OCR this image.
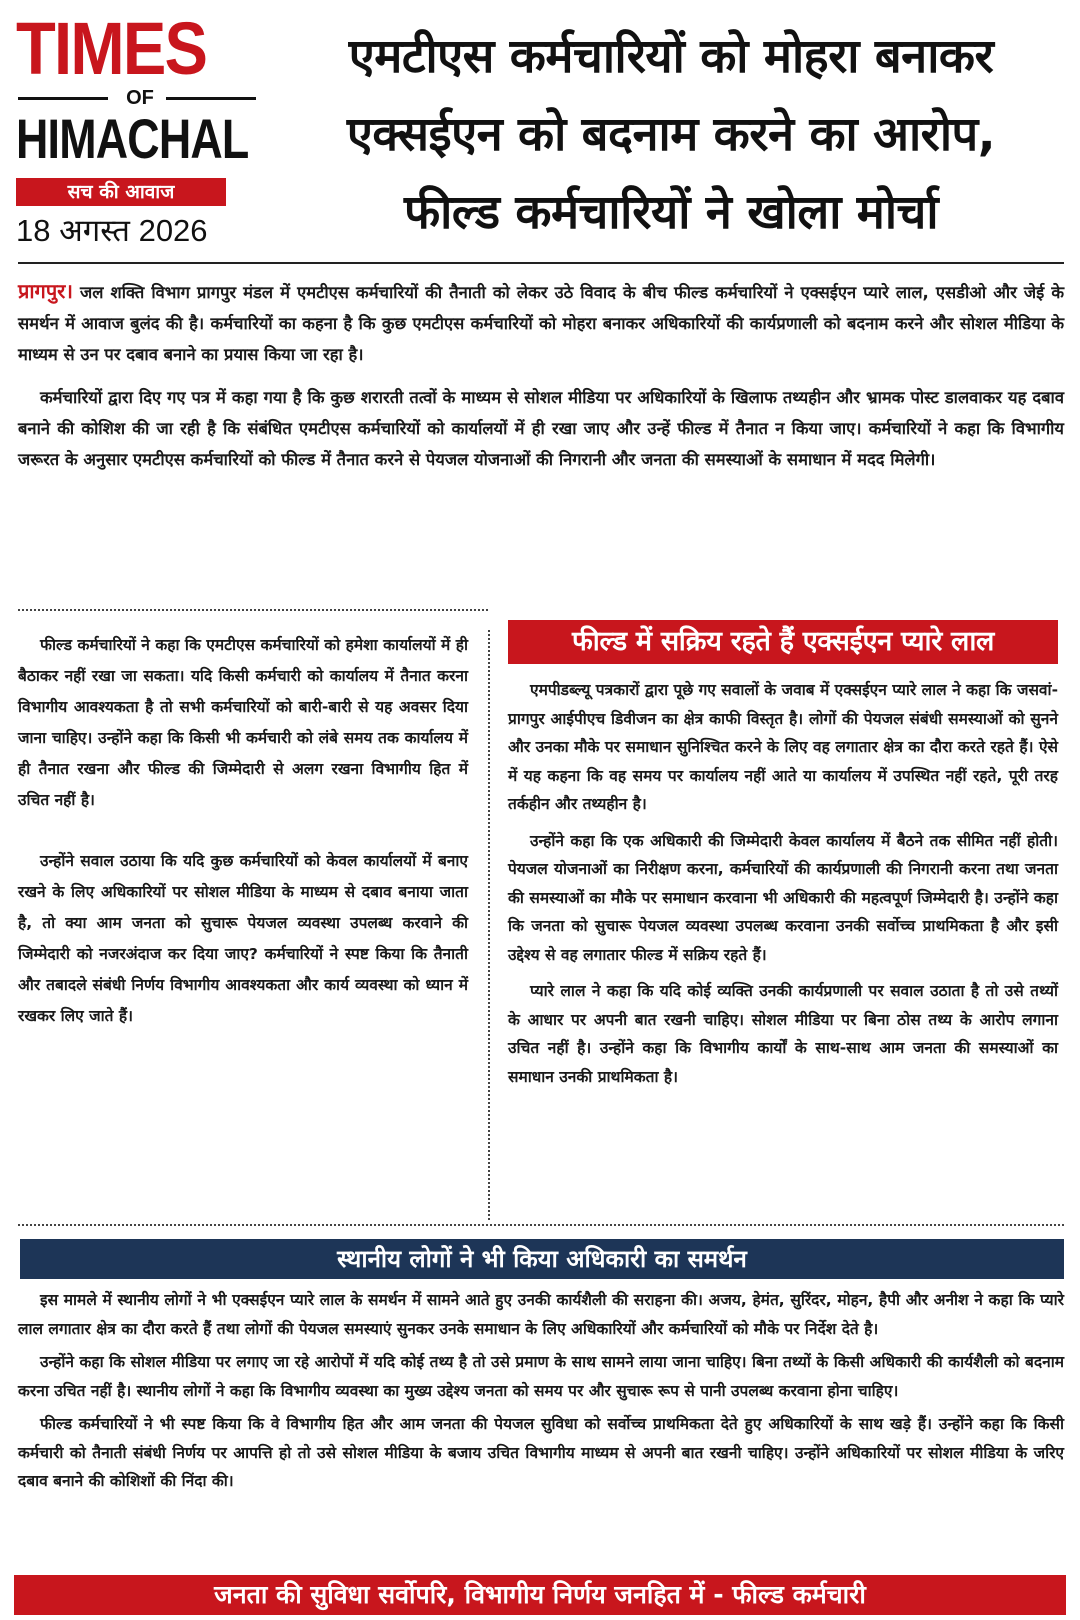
TIMES
OF
HIMACHAL
सच की आवाज
18 अगस्त 2026
एमटीएस कर्मचारियों को मोहरा बनाकर
एक्सईएन को बदनाम करने का आरोप,
फील्ड कर्मचारियों ने खोला मोर्चा

प्रागपुर। जल शक्ति विभाग प्रागपुर मंडल में एमटीएस कर्मचारियों की तैनाती को लेकर उठे विवाद के बीच फील्ड कर्मचारियों ने एक्सईएन प्यारे लाल, एसडीओ और जेई के समर्थन में आवाज बुलंद की है। कर्मचारियों का कहना है कि कुछ एमटीएस कर्मचारियों को मोहरा बनाकर अधिकारियों की कार्यप्रणाली को बदनाम करने और सोशल मीडिया के माध्यम से उन पर दबाव बनाने का प्रयास किया जा रहा है।

कर्मचारियों द्वारा दिए गए पत्र में कहा गया है कि कुछ शरारती तत्वों के माध्यम से सोशल मीडिया पर अधिकारियों के खिलाफ तथ्यहीन और भ्रामक पोस्ट डालवाकर यह दबाव बनाने की कोशिश की जा रही है कि संबंधित एमटीएस कर्मचारियों को कार्यालयों में ही रखा जाए और उन्हें फील्ड में तैनात न किया जाए। कर्मचारियों ने कहा कि विभागीय जरूरत के अनुसार एमटीएस कर्मचारियों को फील्ड में तैनात करने से पेयजल योजनाओं की निगरानी और जनता की समस्याओं के समाधान में मदद मिलेगी।

फील्ड कर्मचारियों ने कहा कि एमटीएस कर्मचारियों को हमेशा कार्यालयों में ही बैठाकर नहीं रखा जा सकता। यदि किसी कर्मचारी को कार्यालय में तैनात करना विभागीय आवश्यकता है तो सभी कर्मचारियों को बारी-बारी से यह अवसर दिया जाना चाहिए। उन्होंने कहा कि किसी भी कर्मचारी को लंबे समय तक कार्यालय में ही तैनात रखना और फील्ड की जिम्मेदारी से अलग रखना विभागीय हित में उचित नहीं है।

उन्होंने सवाल उठाया कि यदि कुछ कर्मचारियों को केवल कार्यालयों में बनाए रखने के लिए अधिकारियों पर सोशल मीडिया के माध्यम से दबाव बनाया जाता है, तो क्या आम जनता को सुचारू पेयजल व्यवस्था उपलब्ध करवाने की जिम्मेदारी को नजरअंदाज कर दिया जाए? कर्मचारियों ने स्पष्ट किया कि तैनाती और तबादले संबंधी निर्णय विभागीय आवश्यकता और कार्य व्यवस्था को ध्यान में रखकर लिए जाते हैं।

फील्ड में सक्रिय रहते हैं एक्सईएन प्यारे लाल

एमपीडब्ल्यू पत्रकारों द्वारा पूछे गए सवालों के जवाब में एक्सईएन प्यारे लाल ने कहा कि जसवां-प्रागपुर आईपीएच डिवीजन का क्षेत्र काफी विस्तृत है। लोगों की पेयजल संबंधी समस्याओं को सुनने और उनका मौके पर समाधान सुनिश्चित करने के लिए वह लगातार क्षेत्र का दौरा करते रहते हैं। ऐसे में यह कहना कि वह समय पर कार्यालय नहीं आते या कार्यालय में उपस्थित नहीं रहते, पूरी तरह तर्कहीन और तथ्यहीन है।

उन्होंने कहा कि एक अधिकारी की जिम्मेदारी केवल कार्यालय में बैठने तक सीमित नहीं होती। पेयजल योजनाओं का निरीक्षण करना, कर्मचारियों की कार्यप्रणाली की निगरानी करना तथा जनता की समस्याओं का मौके पर समाधान करवाना भी अधिकारी की महत्वपूर्ण जिम्मेदारी है। उन्होंने कहा कि जनता को सुचारू पेयजल व्यवस्था उपलब्ध करवाना उनकी सर्वोच्च प्राथमिकता है और इसी उद्देश्य से वह लगातार फील्ड में सक्रिय रहते हैं।

प्यारे लाल ने कहा कि यदि कोई व्यक्ति उनकी कार्यप्रणाली पर सवाल उठाता है तो उसे तथ्यों के आधार पर अपनी बात रखनी चाहिए। सोशल मीडिया पर बिना ठोस तथ्य के आरोप लगाना उचित नहीं है। उन्होंने कहा कि विभागीय कार्यों के साथ-साथ आम जनता की समस्याओं का समाधान उनकी प्राथमिकता है।

स्थानीय लोगों ने भी किया अधिकारी का समर्थन

इस मामले में स्थानीय लोगों ने भी एक्सईएन प्यारे लाल के समर्थन में सामने आते हुए उनकी कार्यशैली की सराहना की। अजय, हेमंत, सुरिंदर, मोहन, हैपी और अनीश ने कहा कि प्यारे लाल लगातार क्षेत्र का दौरा करते हैं तथा लोगों की पेयजल समस्याएं सुनकर उनके समाधान के लिए अधिकारियों और कर्मचारियों को मौके पर निर्देश देते है।

उन्होंने कहा कि सोशल मीडिया पर लगाए जा रहे आरोपों में यदि कोई तथ्य है तो उसे प्रमाण के साथ सामने लाया जाना चाहिए। बिना तथ्यों के किसी अधिकारी की कार्यशैली को बदनाम करना उचित नहीं है। स्थानीय लोगों ने कहा कि विभागीय व्यवस्था का मुख्य उद्देश्य जनता को समय पर और सुचारू रूप से पानी उपलब्ध करवाना होना चाहिए।

फील्ड कर्मचारियों ने भी स्पष्ट किया कि वे विभागीय हित और आम जनता की पेयजल सुविधा को सर्वोच्च प्राथमिकता देते हुए अधिकारियों के साथ खड़े हैं। उन्होंने कहा कि किसी कर्मचारी को तैनाती संबंधी निर्णय पर आपत्ति हो तो उसे सोशल मीडिया के बजाय उचित विभागीय माध्यम से अपनी बात रखनी चाहिए। उन्होंने अधिकारियों पर सोशल मीडिया के जरिए दबाव बनाने की कोशिशों की निंदा की।

जनता की सुविधा सर्वोपरि, विभागीय निर्णय जनहित में - फील्ड कर्मचारी
